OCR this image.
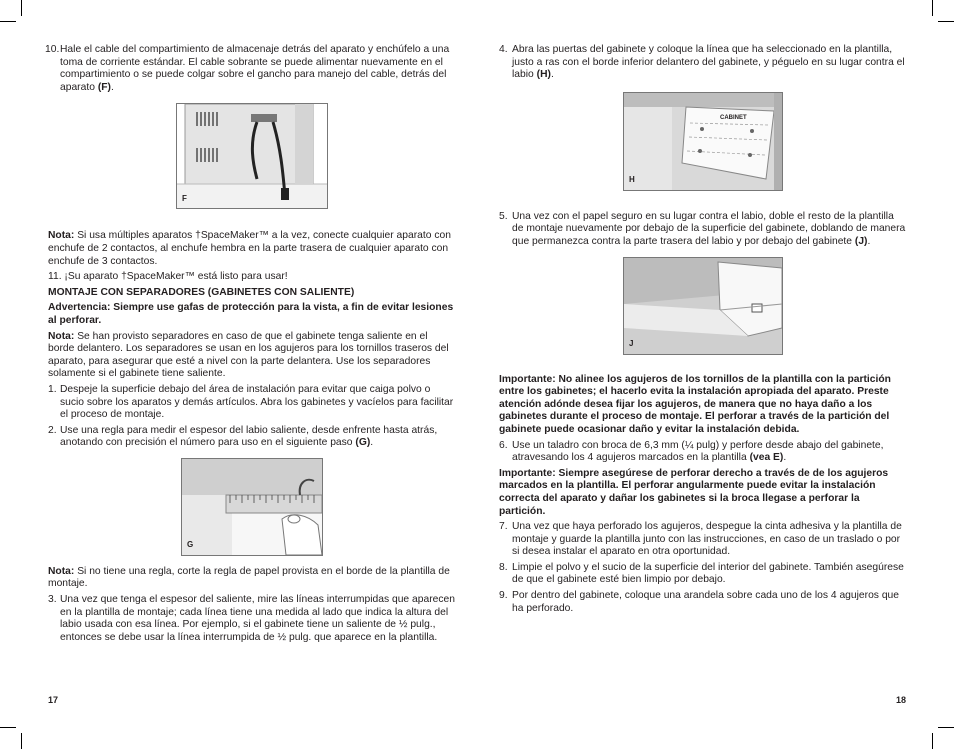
10. Hale el cable del compartimiento de almacenaje detrás del aparato y enchúfelo a una toma de corriente estándar. El cable sobrante se puede alimentar nuevamente en el compartimiento o se puede colgar sobre el gancho para manejo del cable, detrás del aparato (F).
F
Nota: Si usa múltiples aparatos †SpaceMaker™ a la vez, conecte cualquier aparato con enchufe de 2 contactos, al enchufe hembra en la parte trasera de cualquier aparato con enchufe de 3 contactos.
11. ¡Su aparato †SpaceMaker™ está listo para usar!
MONTAJE CON SEPARADORES (GABINETES CON SALIENTE)
Advertencia: Siempre use gafas de protección para la vista, a fin de evitar lesiones al perforar.
Nota: Se han provisto separadores en caso de que el gabinete tenga saliente en el borde delantero. Los separadores se usan en los agujeros para los tornillos traseros del aparato, para asegurar que esté a nivel con la parte delantera. Use los separadores solamente si el gabinete tiene saliente.
1. Despeje la superficie debajo del área de instalación para evitar que caiga polvo o sucio sobre los aparatos y demás artículos. Abra los gabinetes y vacíelos para facilitar el proceso de montaje.
2. Use una regla para medir el espesor del labio saliente, desde enfrente hasta atrás, anotando con precisión el número para uso en el siguiente paso (G).
G
Nota: Si no tiene una regla, corte la regla de papel provista en el borde de la plantilla de montaje.
3. Una vez que tenga el espesor del saliente, mire las líneas interrumpidas que aparecen en la plantilla de montaje; cada línea tiene una medida al lado que indica la altura del labio usada con esa línea. Por ejemplo, si el gabinete tiene un saliente de ½ pulg., entonces se debe usar la línea interrumpida de ½ pulg. que aparece en la plantilla.
17
4. Abra las puertas del gabinete y coloque la línea que ha seleccionado en la plantilla, justo a ras con el borde inferior delantero del gabinete, y péguelo en su lugar contra el labio (H).
CABINET
H
5. Una vez con el papel seguro en su lugar contra el labio, doble el resto de la plantilla de montaje nuevamente por debajo de la superficie del gabinete, doblando de manera que permanezca contra la parte trasera del labio y por debajo del gabinete (J).
J
Importante: No alinee los agujeros de los tornillos de la plantilla con la partición entre los gabinetes; el hacerlo evita la instalación apropiada del aparato. Preste atención adónde desea fijar los agujeros, de manera que no haya daño a los gabinetes durante el proceso de montaje. El perforar a través de la partición del gabinete puede ocasionar daño y evitar la instalación debida.
6. Use un taladro con broca de 6,3 mm (¼ pulg) y perfore desde abajo del gabinete, atravesando los 4 agujeros marcados en la plantilla (vea E).
Importante: Siempre asegúrese de perforar derecho a través de de los agujeros marcados en la plantilla. El perforar angularmente puede evitar la instalación correcta del aparato y dañar los gabinetes si la broca llegase a perforar la partición.
7. Una vez que haya perforado los agujeros, despegue la cinta adhesiva y la plantilla de montaje y guarde la plantilla junto con las instrucciones, en caso de un traslado o por si desea instalar el aparato en otra oportunidad.
8. Limpie el polvo y el sucio de la superficie del interior del gabinete. También asegúrese de que el gabinete esté bien limpio por debajo.
9. Por dentro del gabinete, coloque una arandela sobre cada uno de los 4 agujeros que ha perforado.
18
